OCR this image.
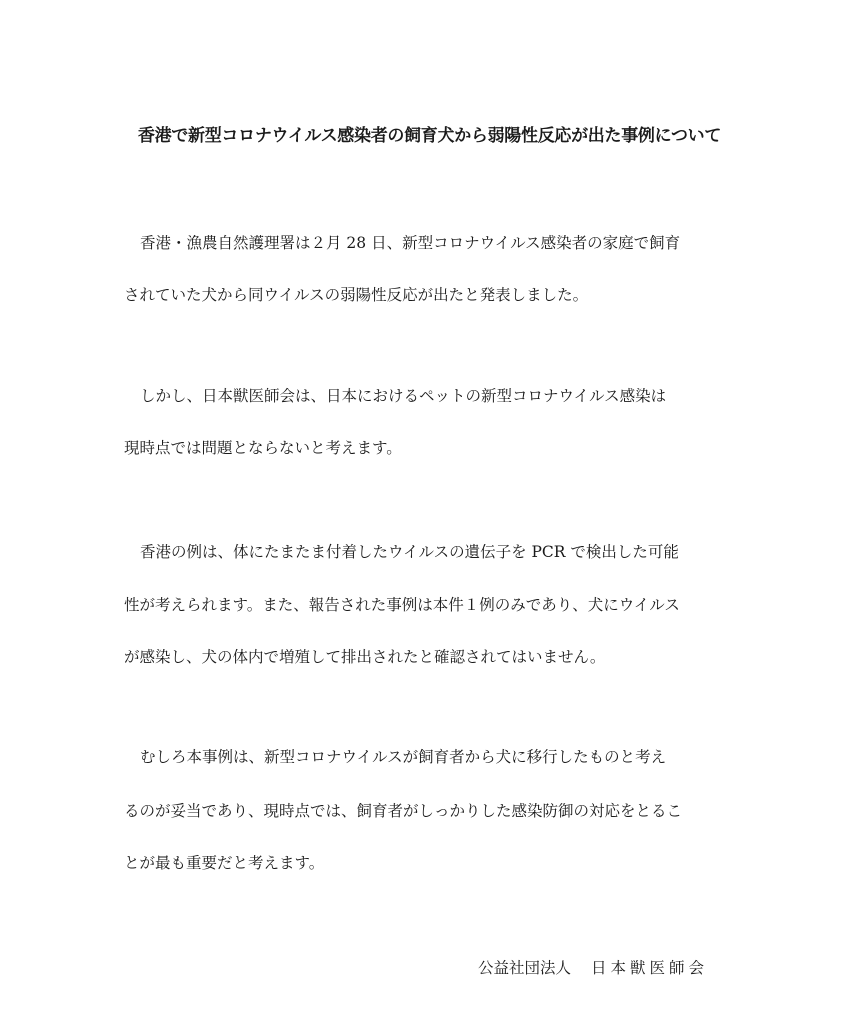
香港で新型コロナウイルス感染者の飼育犬から弱陽性反応が出た事例について
香港・漁農自然護理署は２月 28 日、新型コロナウイルス感染者の家庭で飼育
されていた犬から同ウイルスの弱陽性反応が出たと発表しました。
しかし、日本獣医師会は、日本におけるペットの新型コロナウイルス感染は
現時点では問題とならないと考えます。
香港の例は、体にたまたま付着したウイルスの遺伝子を PCR で検出した可能
性が考えられます。また、報告された事例は本件１例のみであり、犬にウイルス
が感染し、犬の体内で増殖して排出されたと確認されてはいません。
むしろ本事例は、新型コロナウイルスが飼育者から犬に移行したものと考え
るのが妥当であり、現時点では、飼育者がしっかりした感染防御の対応をとるこ
とが最も重要だと考えます。
公益社団法人 日本獣医師会
